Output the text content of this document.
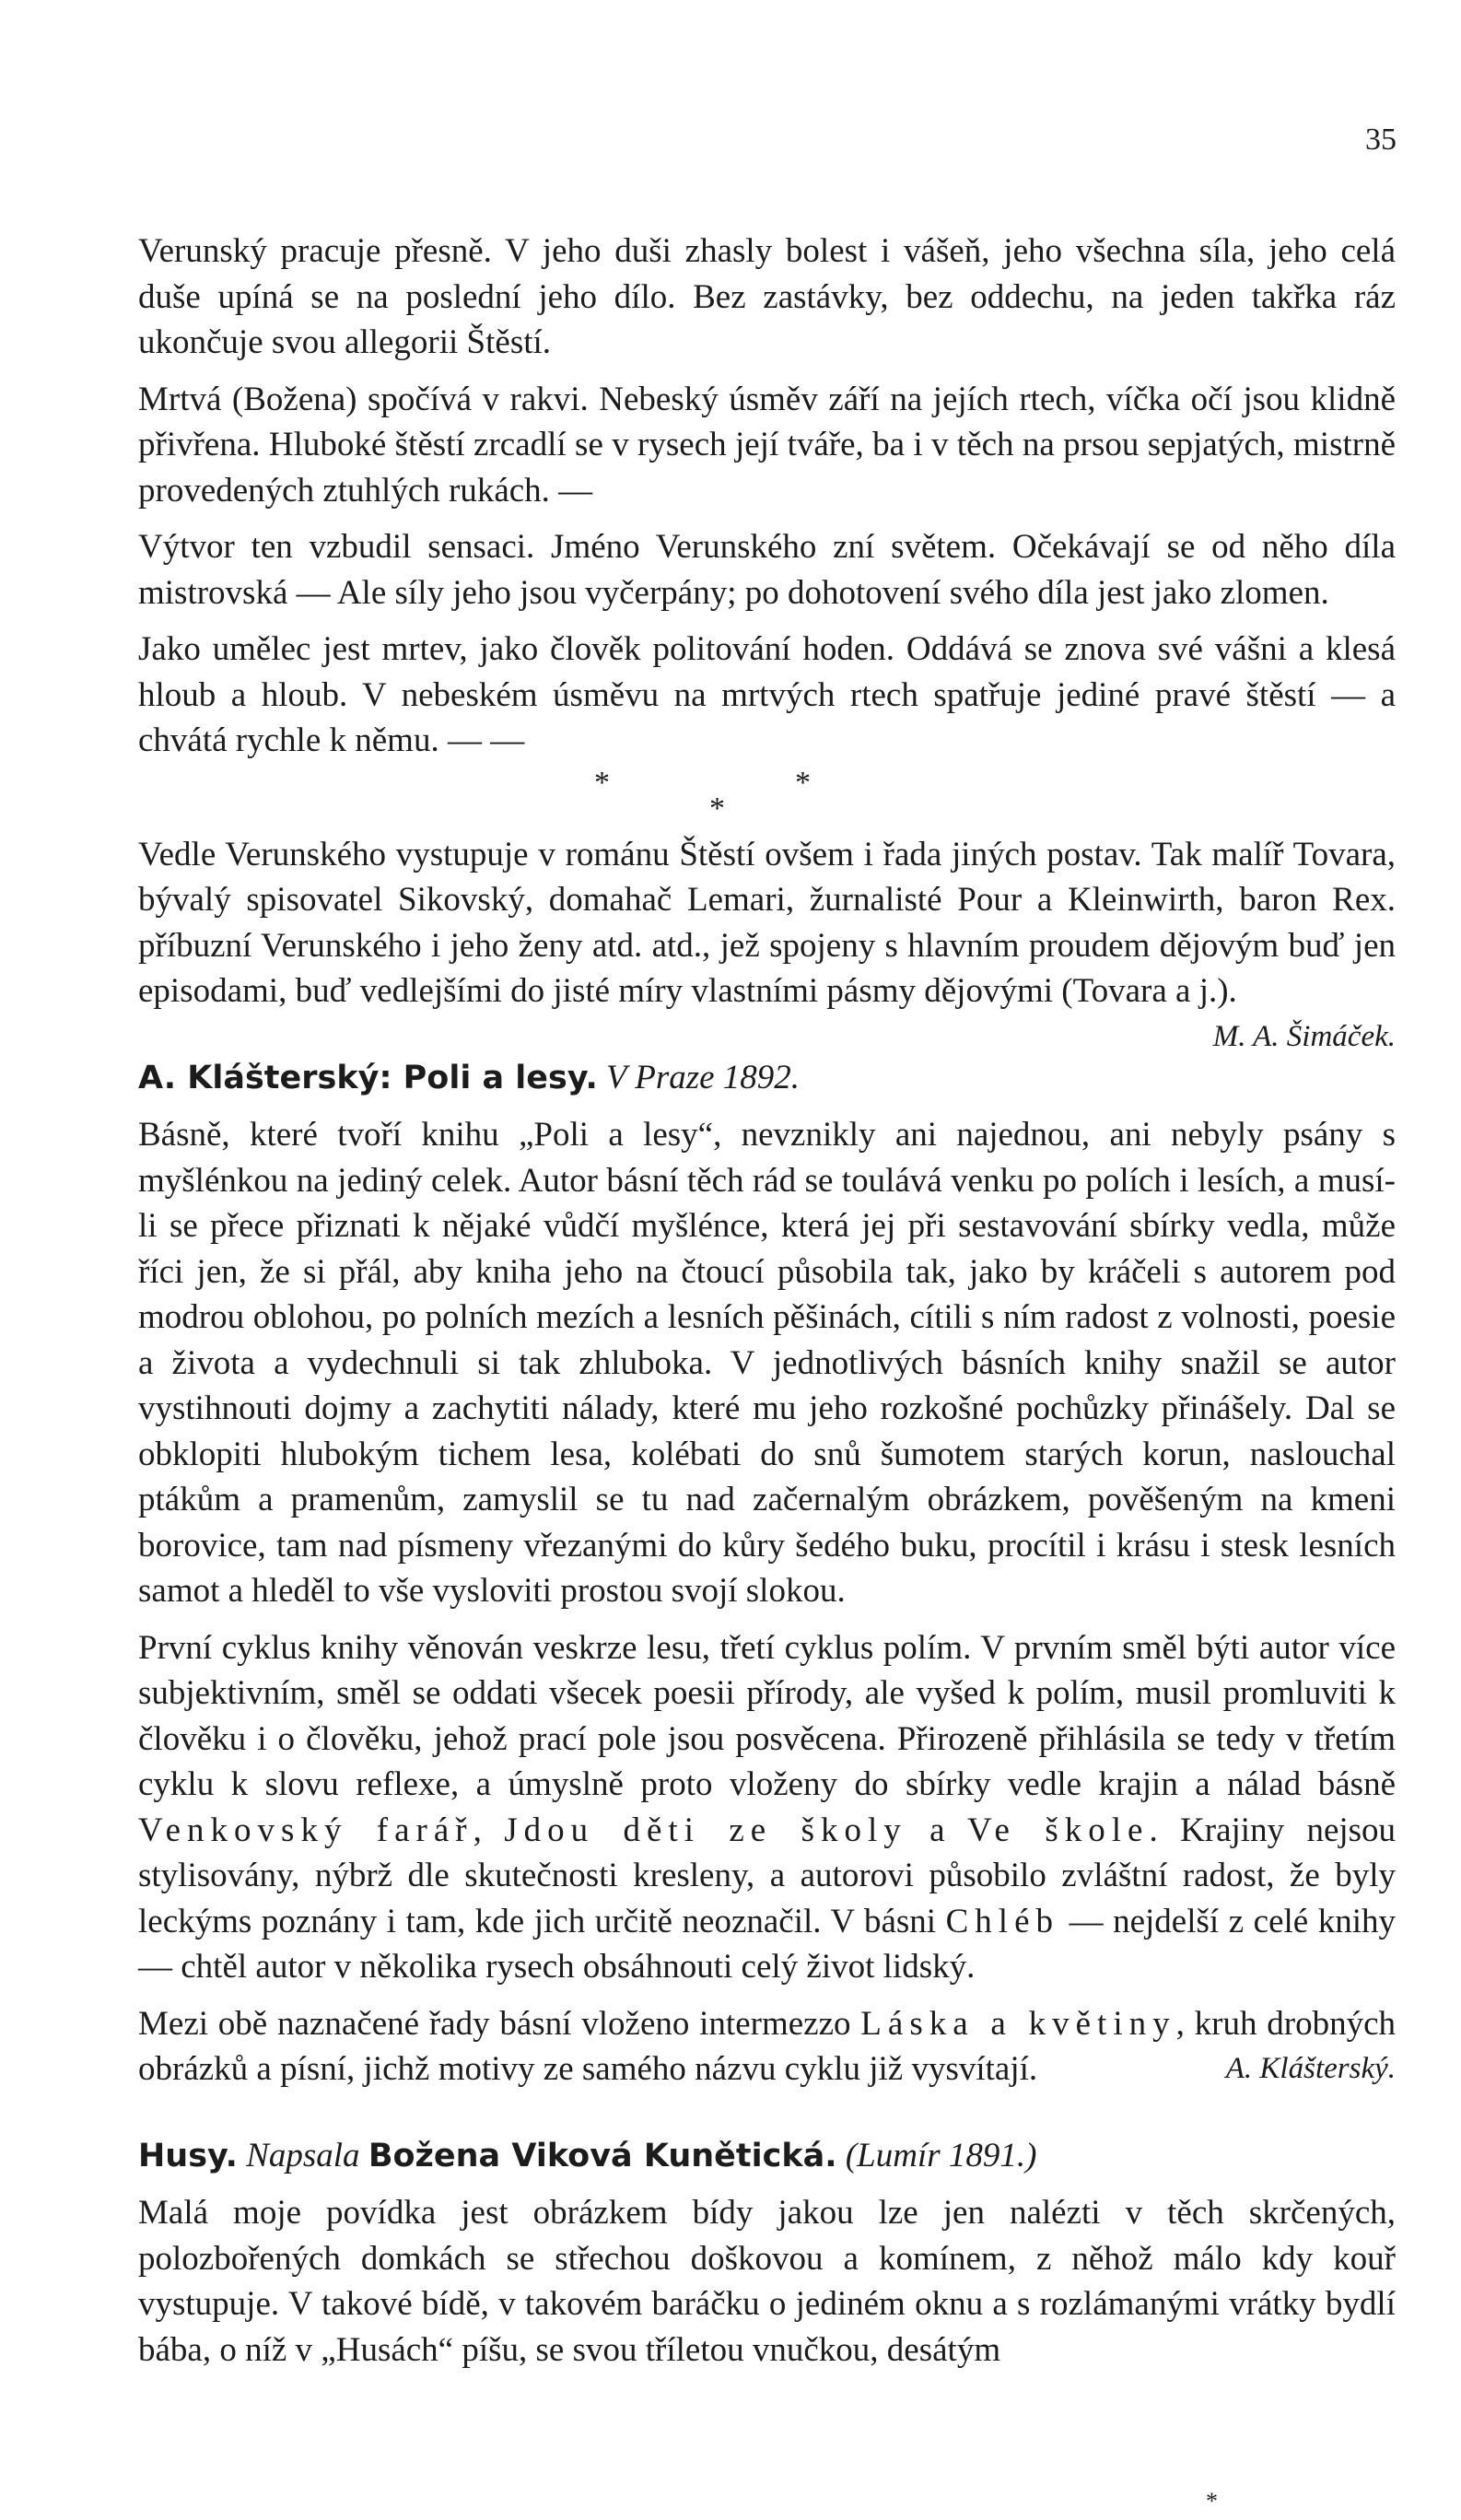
35

Verunský pracuje přesně. V jeho duši zhasly bolest i vášeň, jeho všechna síla, jeho celá duše upíná se na poslední jeho dílo. Bez zastávky, bez oddechu, na jeden takřka ráz ukončuje svou allegorii Štěstí.

Mrtvá (Božena) spočívá v rakvi. Nebeský úsměv září na jejích rtech, víčka očí jsou klidně přivřena. Hluboké štěstí zrcadlí se v rysech její tváře, ba i v těch na prsou sepjatých, mistrně provedených ztuhlých rukách. —

Výtvor ten vzbudil sensaci. Jméno Verunského zní světem. Očekávají se od něho díla mistrovská — Ale síly jeho jsou vyčerpány; po dohotovení svého díla jest jako zlomen.

Jako umělec jest mrtev, jako člověk politování hoden. Oddává se znova své vášni a klesá hloub a hloub. V nebeském úsměvu na mrtvých rtech spatřuje jediné pravé štěstí — a chvátá rychle k němu. — —

*	*
*

Vedle Verunského vystupuje v románu Štěstí ovšem i řada jiných postav. Tak malíř Tovara, bývalý spisovatel Sikovský, domahač Lemari, žurnalisté Pour a Kleinwirth, baron Rex. příbuzní Verunského i jeho ženy atd. atd., jež spojeny s hlavním proudem dějovým buď jen episodami, buď vedlejšími do jisté míry vlastními pásmy dějovými (Tovara a j.).
M. A. Šimáček.

A. Klášterský: Poli a lesy. V Praze 1892.

Básně, které tvoří knihu „Poli a lesy“, nevznikly ani najednou, ani nebyly psány s myšlénkou na jediný celek. Autor básní těch rád se toulává venku po polích i lesích, a musí-li se přece přiznati k nějaké vůdčí myšlénce, která jej při sestavování sbírky vedla, může říci jen, že si přál, aby kniha jeho na čtoucí působila tak, jako by kráčeli s autorem pod modrou oblohou, po polních mezích a lesních pěšinách, cítili s ním radost z volnosti, poesie a života a vydechnuli si tak zhluboka. V jednotlivých básních knihy snažil se autor vystihnouti dojmy a zachytiti nálady, které mu jeho rozkošné pochůzky přinášely. Dal se obklopiti hlubokým tichem lesa, kolébati do snů šumotem starých korun, naslouchal ptákům a pramenům, zamyslil se tu nad začernalým obrázkem, pověšeným na kmeni borovice, tam nad písmeny vřezanými do kůry šedého buku, procítil i krásu i stesk lesních samot a hleděl to vše vysloviti prostou svojí slokou.

První cyklus knihy věnován veskrze lesu, třetí cyklus polím. V prvním směl býti autor více subjektivním, směl se oddati všecek poesii přírody, ale vyšed k polím, musil promluviti k člověku i o člověku, jehož prací pole jsou posvěcena. Přirozeně přihlásila se tedy v třetím cyklu k slovu reflexe, a úmyslně proto vloženy do sbírky vedle krajin a nálad básně Venkovský farář, Jdou děti ze školy a Ve škole. Krajiny nejsou stylisovány, nýbrž dle skutečnosti kresleny, a autorovi působilo zvláštní radost, že byly leckýms poznány i tam, kde jich určitě neoznačil. V básni Chléb — nejdelší z celé knihy — chtěl autor v několika rysech obsáhnouti celý život lidský.

Mezi obě naznačené řady básní vloženo intermezzo Láska a květiny, kruh drobných obrázků a písní, jichž motivy ze samého názvu cyklu již vysvítají.	A. Klášterský.

Husy. Napsala Božena Viková Kunětická. (Lumír 1891.)

Malá moje povídka jest obrázkem bídy jakou lze jen nalézti v těch skrčených, polozbořených domkách se střechou doškovou a komínem, z něhož málo kdy kouř vystupuje. V takové bídě, v takovém baráčku o jediném oknu a s rozlámanými vrátky bydlí bába, o níž v „Husách“ píšu, se svou tříletou vnučkou, desátým

*
